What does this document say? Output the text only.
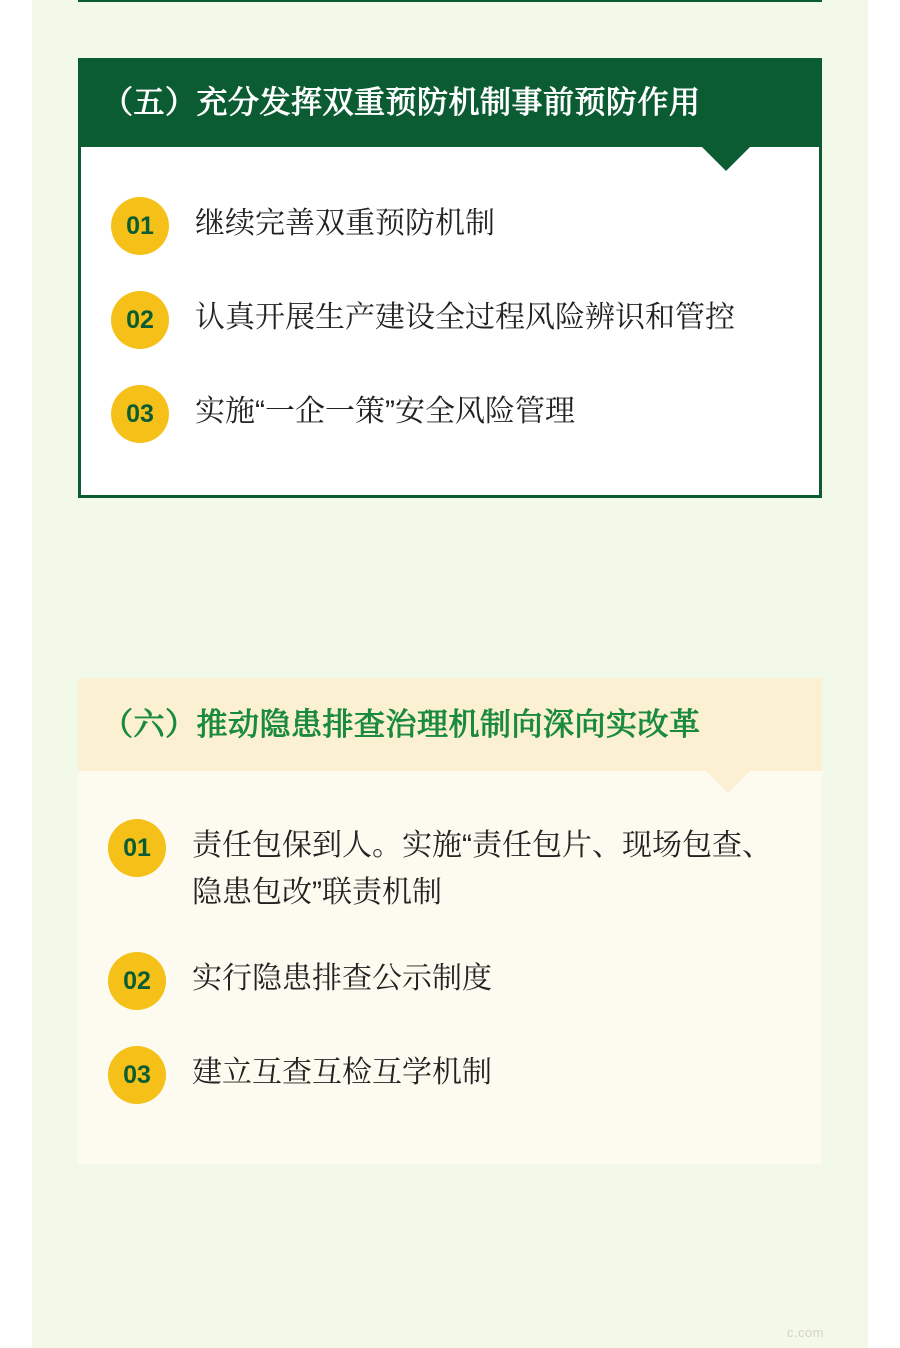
（五）充分发挥双重预防机制事前预防作用
01	继续完善双重预防机制
02	认真开展生产建设全过程风险辨识和管控
03	实施“一企一策”安全风险管理
（六）推动隐患排查治理机制向深向实改革
01	责任包保到人。实施“责任包片、现场包查、隐患包改”联责机制
02	实行隐患排查公示制度
03	建立互查互检互学机制
c.com
